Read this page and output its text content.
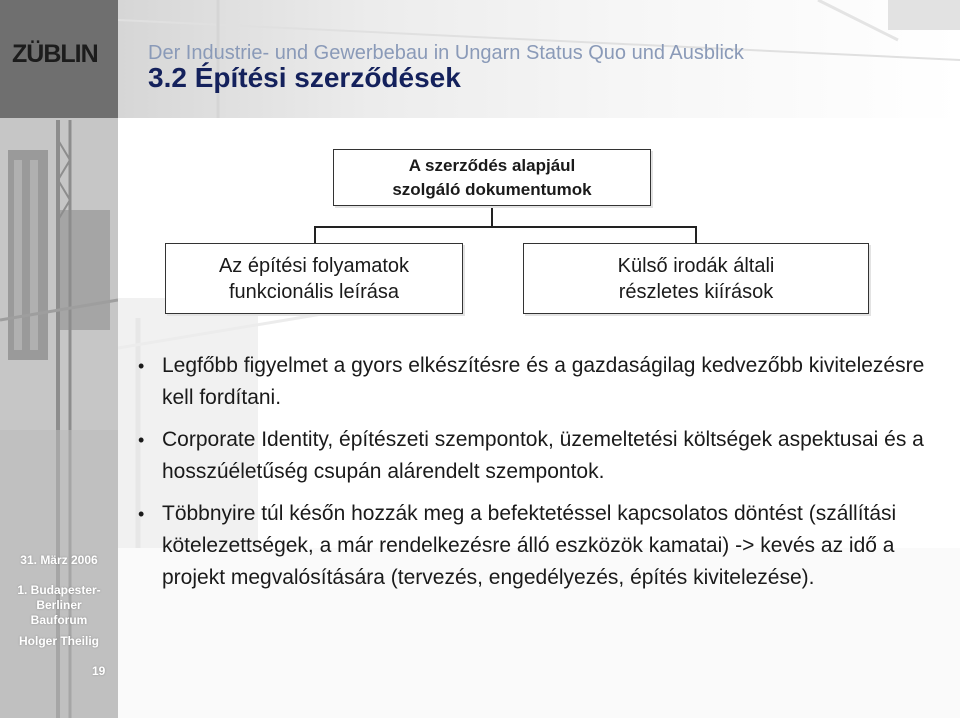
ZÜBLIN
31. März 2006
1. Budapester-
Berliner
Bauforum
Holger Theilig
19
Der Industrie- und Gewerbebau in Ungarn Status Quo und Ausblick
3.2 Építési szerződések
A szerződés alapjául
szolgáló dokumentumok
Az építési folyamatok
funkcionális leírása
Külső irodák általi
részletes kiírások
• Legfőbb figyelmet a gyors elkészítésre és a gazdaságilag kedvezőbb kivitelezésre kell fordítani.
• Corporate Identity, építészeti szempontok, üzemeltetési költségek aspektusai és a hosszúéletűség csupán alárendelt szempontok.
• Többnyire túl későn hozzák meg a befektetéssel kapcsolatos döntést (szállítási kötelezettségek, a már rendelkezésre álló eszközök kamatai) -> kevés az idő a projekt megvalósítására (tervezés, engedélyezés, építés kivitelezése).
